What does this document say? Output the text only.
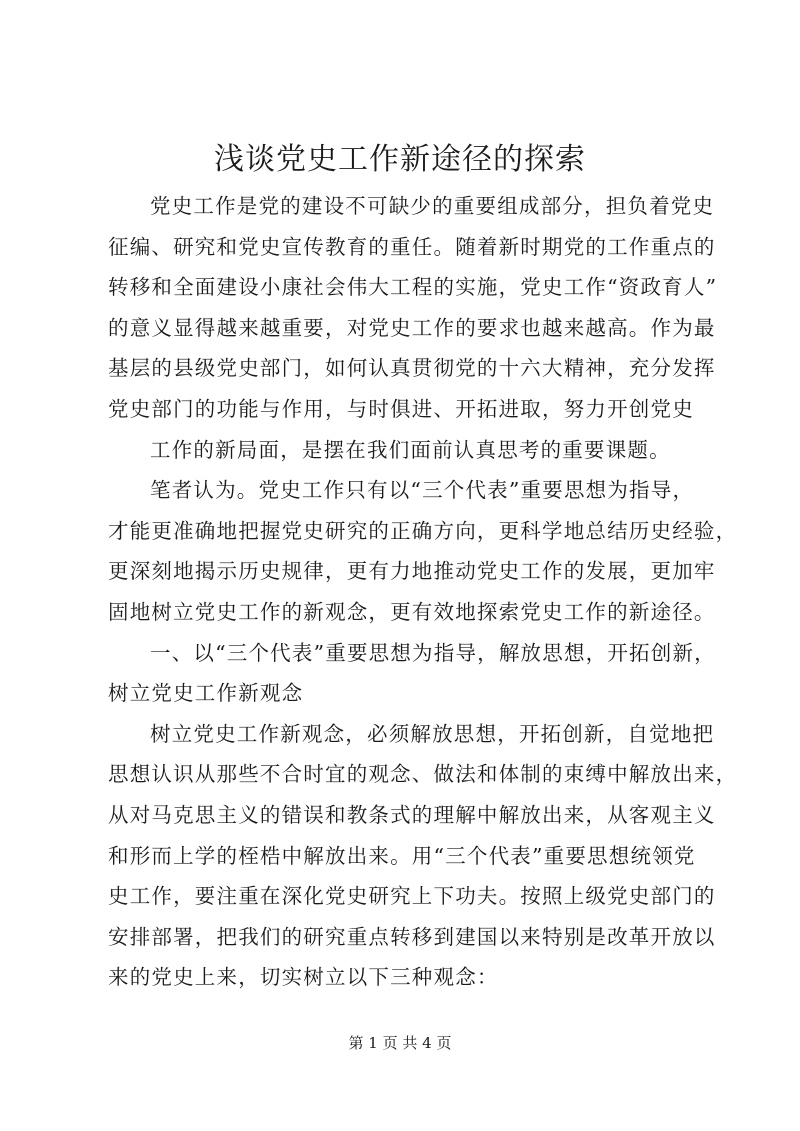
浅谈党史工作新途径的探索
党史工作是党的建设不可缺少的重要组成部分，担负着党史
征编、研究和党史宣传教育的重任。随着新时期党的工作重点的
转移和全面建设小康社会伟大工程的实施，党史工作“资政育人”
的意义显得越来越重要，对党史工作的要求也越来越高。作为最
基层的县级党史部门，如何认真贯彻党的十六大精神，充分发挥
党史部门的功能与作用，与时俱进、开拓进取，努力开创党史
工作的新局面，是摆在我们面前认真思考的重要课题。
笔者认为。党史工作只有以“三个代表”重要思想为指导，
才能更准确地把握党史研究的正确方向，更科学地总结历史经验，
更深刻地揭示历史规律，更有力地推动党史工作的发展，更加牢
固地树立党史工作的新观念，更有效地探索党史工作的新途径。
一、以“三个代表”重要思想为指导，解放思想，开拓创新，
树立党史工作新观念
树立党史工作新观念，必须解放思想，开拓创新，自觉地把
思想认识从那些不合时宜的观念、做法和体制的束缚中解放出来，
从对马克思主义的错误和教条式的理解中解放出来，从客观主义
和形而上学的桎梏中解放出来。用“三个代表”重要思想统领党
史工作，要注重在深化党史研究上下功夫。按照上级党史部门的
安排部署，把我们的研究重点转移到建国以来特别是改革开放以
来的党史上来，切实树立以下三种观念：
第 1 页 共 4 页
